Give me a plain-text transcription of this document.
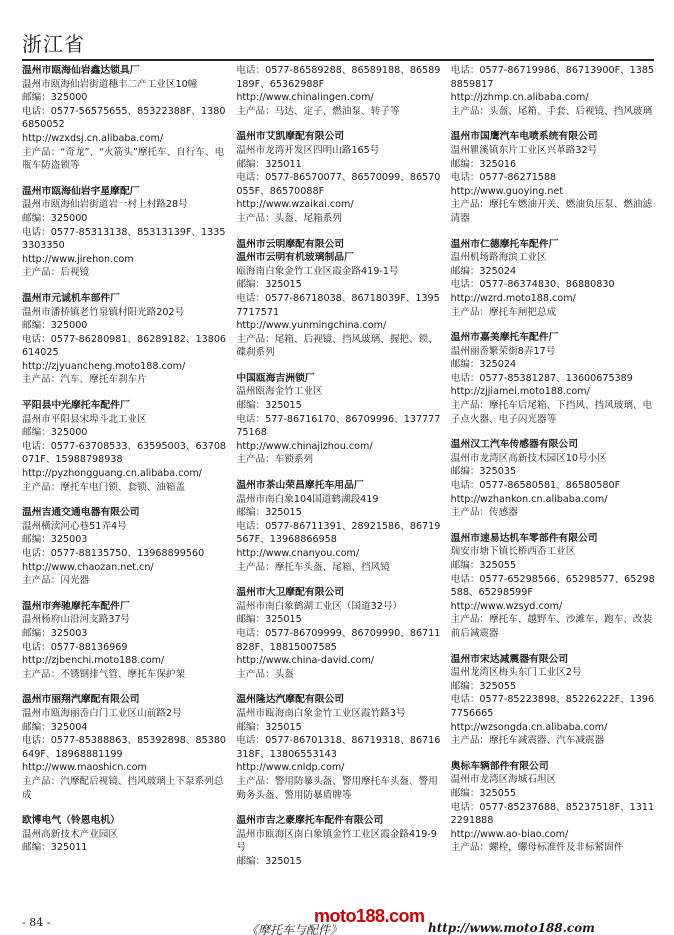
浙江省
温州市瓯海仙岩鑫达锁具厂
温州市瓯海仙岩街道穗丰二产工业区10幢
邮编：325000
电话：0577-56575655、85322388F、13806850052
http://wzxdsj.cn.alibaba.com/
主产品：“奇龙”、“火箭头”摩托车、自行车、电瓶车防盗锁等
温州市瓯海仙岩宇星摩配厂
温州市瓯海仙岩街道岩一村上村路28号
邮编：325000
电话：0577-85313138、85313139F、13353303350
http://www.jirehon.com
主产品：后视镜
温州市元诚机车部件厂
温州市潘桥镇老竹泉镇村阳光路202号
邮编：325000
电话：0577-86280981、86289182、13806614025
http://zjyuancheng.moto188.com/
主产品：汽车、摩托车刹车片
平阳县中光摩托车配件厂
温州市平阳县宋埠斗北工业区
邮编：325000
电话：0577-63708533、63595003、63708071F、15988798938
http://pyzhongguang.cn.alibaba.com/
主产品：摩托车电门锁、套锁、油箱盖
温州吉通交通电器有限公司
温州横渎河心巷51弄4号
邮编：325003
电话：0577-88135750、13968899560
http://www.chaozan.net.cn/
主产品：闪光器
温州市奔驰摩托车配件厂
温州杨府山沿河支路37号
邮编：325003
电话：0577-88136969
http://zjbenchi.moto188.com/
主产品：不锈钢排气管、摩托车保护架
温州市丽翔汽摩配有限公司
温州市瓯海丽岙白门工业区山前路2号
邮编：325004
电话：0577-85388863、85392898、85380649F、18968881199
http://www.maoshicn.com
主产品：汽摩配后视镜、挡风玻璃上下泵系列总成
欧博电气（铃恩电机）
温州高新技术产业园区
邮编：325011
电话：0577-86589288、86589188、86589189F、65362988F
http://www.chinalingen.com/
主产品：马达、定子、燃油泵、转子等
温州市艾凯摩配有限公司
温州市龙湾开发区四明山路165号
邮编：325011
电话：0577-86570077、86570099、86570055F、86570088F
http://www.wzaikai.com/
主产品：头盔、尾箱系列
温州市云明摩配有限公司
温州市云明有机玻璃制品厂
瓯海南白象金竹工业区霞金路419-1号
邮编：325015
电话：0577-86718038、86718039F、13957717571
http://www.yunmingchina.com/
主产品：尾箱、后视镜、挡风玻璃、握把、锁、碟刹系列
中国瓯海吉洲锁厂
温州瓯海金竹工业区
邮编：325015
电话：577-86716170、86709996、13777775168
http://www.chinajizhou.com/
主产品：车锁系列
温州市茶山荣昌摩托车用品厂
温州市南白象104国道鹤湖段419
邮编：325015
电话：0577-86711391、28921586、86719567F、13968866958
http://www.cnanyou.com/
主产品：摩托车头盔、尾箱、挡风镜
温州市大卫摩配有限公司
温州市南白象鹤湖工业区（国道32号）
邮编：325015
电话：0577-86709999、86709990、86711828F、18815007585
http://www.china-david.com/
主产品：头盔
温州隆达汽摩配有限公司
温州市瓯海南白象金竹工业区霞竹路3号
邮编：325015
电话：0577-86701318、86719318、86716318F、13806553143
http://www.cnldp.com/
主产品：警用防暴头盔、警用摩托车头盔、警用勤务头盔、警用防暴盾牌等
温州市吉之豪摩托车配件有限公司
温州市瓯海区南白象镇金竹工业区霞金路419-9号
邮编：325015
电话：0577-86719986、86713900F、13858859817
http://jzhmp.cn.alibaba.com/
主产品：头盔、尾箱、手套、后视镜、挡风玻璃
温州市国鹰汽车电喷系统有限公司
温州瞿溪镇东片工业区兴革路32号
邮编：325016
电话：0577-86271588
http://www.guoying.net
主产品：摩托车燃油开关、燃油负压泵、燃油滤清器
温州市仁德摩托车配件厂
温州机场路海滨工业区
邮编：325024
电话：0577-86374830、86880830
http://wzrd.moto188.com/
主产品：摩托车闸把总成
温州市嘉美摩托车配件厂
温州丽岙繁荣街8弄17号
邮编：325024
电话：0577-85381287、13600675389
http://zjjiamei.moto188.com/
主产品：摩托车后尾箱、下挡风、挡风玻璃、电子点火器、电子闪光器等
温州汉工汽车传感器有限公司
温州市龙湾区高新技术园区10号小区
邮编：325035
电话：0577-86580581、86580580F
http://wzhankon.cn.alibaba.com/
主产品：传感器
温州市速易达机车零部件有限公司
瑞安市塘下镇长桥西岙工业区
邮编：325055
电话：0577-65298566、65298577、65298588、65298599F
http://www.wzsyd.com/
主产品：摩托车、越野车、沙滩车、跑车、改装前后减震器
温州市宋达减震器有限公司
温州龙湾区梅头东门工业区2号
邮编：325055
电话：0577-85223898、85226222F、13967756665
http://wzsongda.cn.alibaba.com/
主产品：摩托车减震器、汽车减震器
奥标车辆部件有限公司
温州市龙湾区海城石坦区
邮编：325055
电话：0577-85237688、85237518F、13112291888
http://www.ao-biao.com/
主产品：螺栓，螺母标准件及非标紧固件
- 84 -	moto188.com
《摩托车与配件》	http://www.moto188.com
